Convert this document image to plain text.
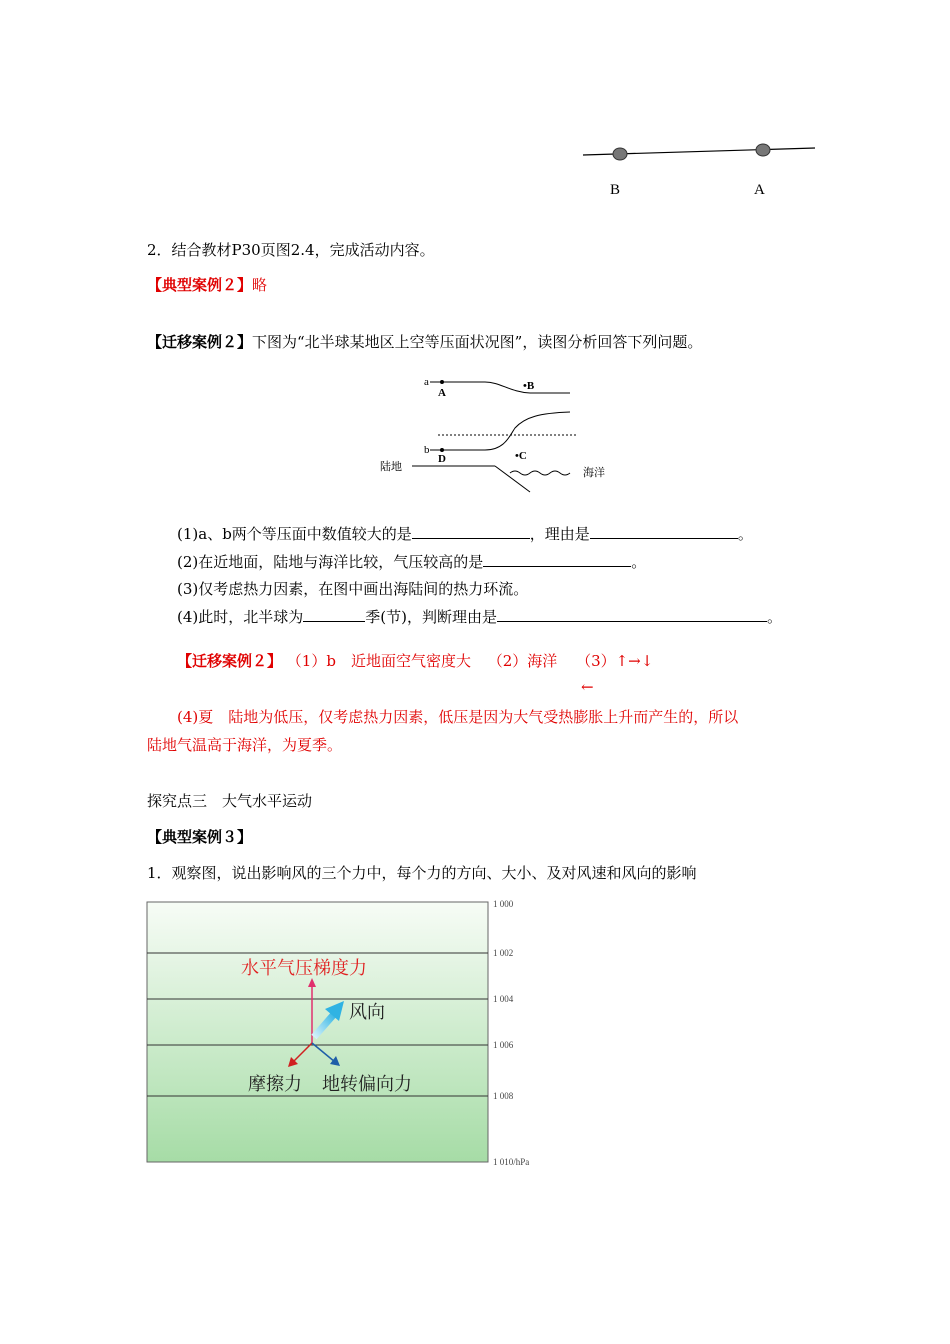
B	A
2．结合教材P30页图2.4，完成活动内容。
【典型案例２】略
【迁移案例２】下图为“北半球某地区上空等压面状况图”，读图分析回答下列问题。
a
A
•B
b
D	•C
陆地	海洋
(1)a、b两个等压面中数值较大的是	，理由是	。
(2)在近地面，陆地与海洋比较，气压较高的是	。
(3)仅考虑热力因素，在图中画出海陆间的热力环流。
(4)此时，北半球为	季(节)，判断理由是	。
【迁移案例２】 （1）b　近地面空气密度大 （2）海洋 （3）↑→↓
←
(4)夏　陆地为低压，仅考虑热力因素，低压是因为大气受热膨胀上升而产生的，所以
陆地气温高于海洋，为夏季。
探究点三　大气水平运动
【典型案例３】
1．观察图，说出影响风的三个力中，每个力的方向、大小、及对风速和风向的影响
1 000
1 002
1 004
1 006
1 008
1 010/hPa
水平气压梯度力
风向
摩擦力 地转偏向力
